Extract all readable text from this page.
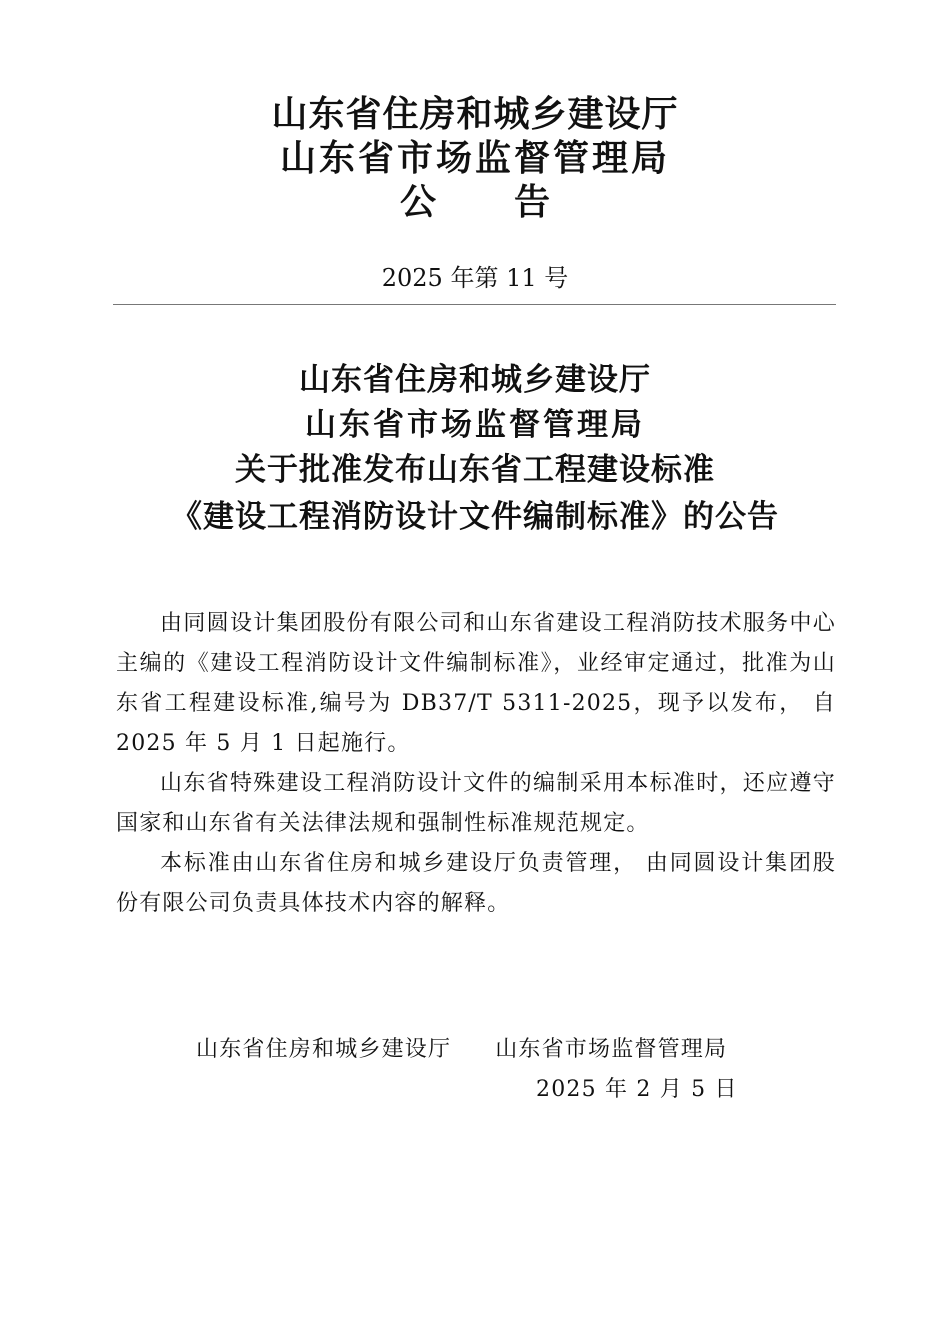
山东省住房和城乡建设厅
山东省市场监督管理局
公 告
2025 年第 11 号
山东省住房和城乡建设厅
山东省市场监督管理局
关于批准发布山东省工程建设标准
《建设工程消防设计文件编制标准》的公告

由同圆设计集团股份有限公司和山东省建设工程消防技术服务中心主编的《建设工程消防设计文件编制标准》，业经审定通过，批准为山东省工程建设标准,编号为 DB37/T 5311-2025，现予以发布， 自 2025 年 5 月 1 日起施行。

山东省特殊建设工程消防设计文件的编制采用本标准时，还应遵守国家和山东省有关法律法规和强制性标准规范规定。

本标准由山东省住房和城乡建设厅负责管理， 由同圆设计集团股份有限公司负责具体技术内容的解释。

山东省住房和城乡建设厅 山东省市场监督管理局
2025 年 2 月 5 日
